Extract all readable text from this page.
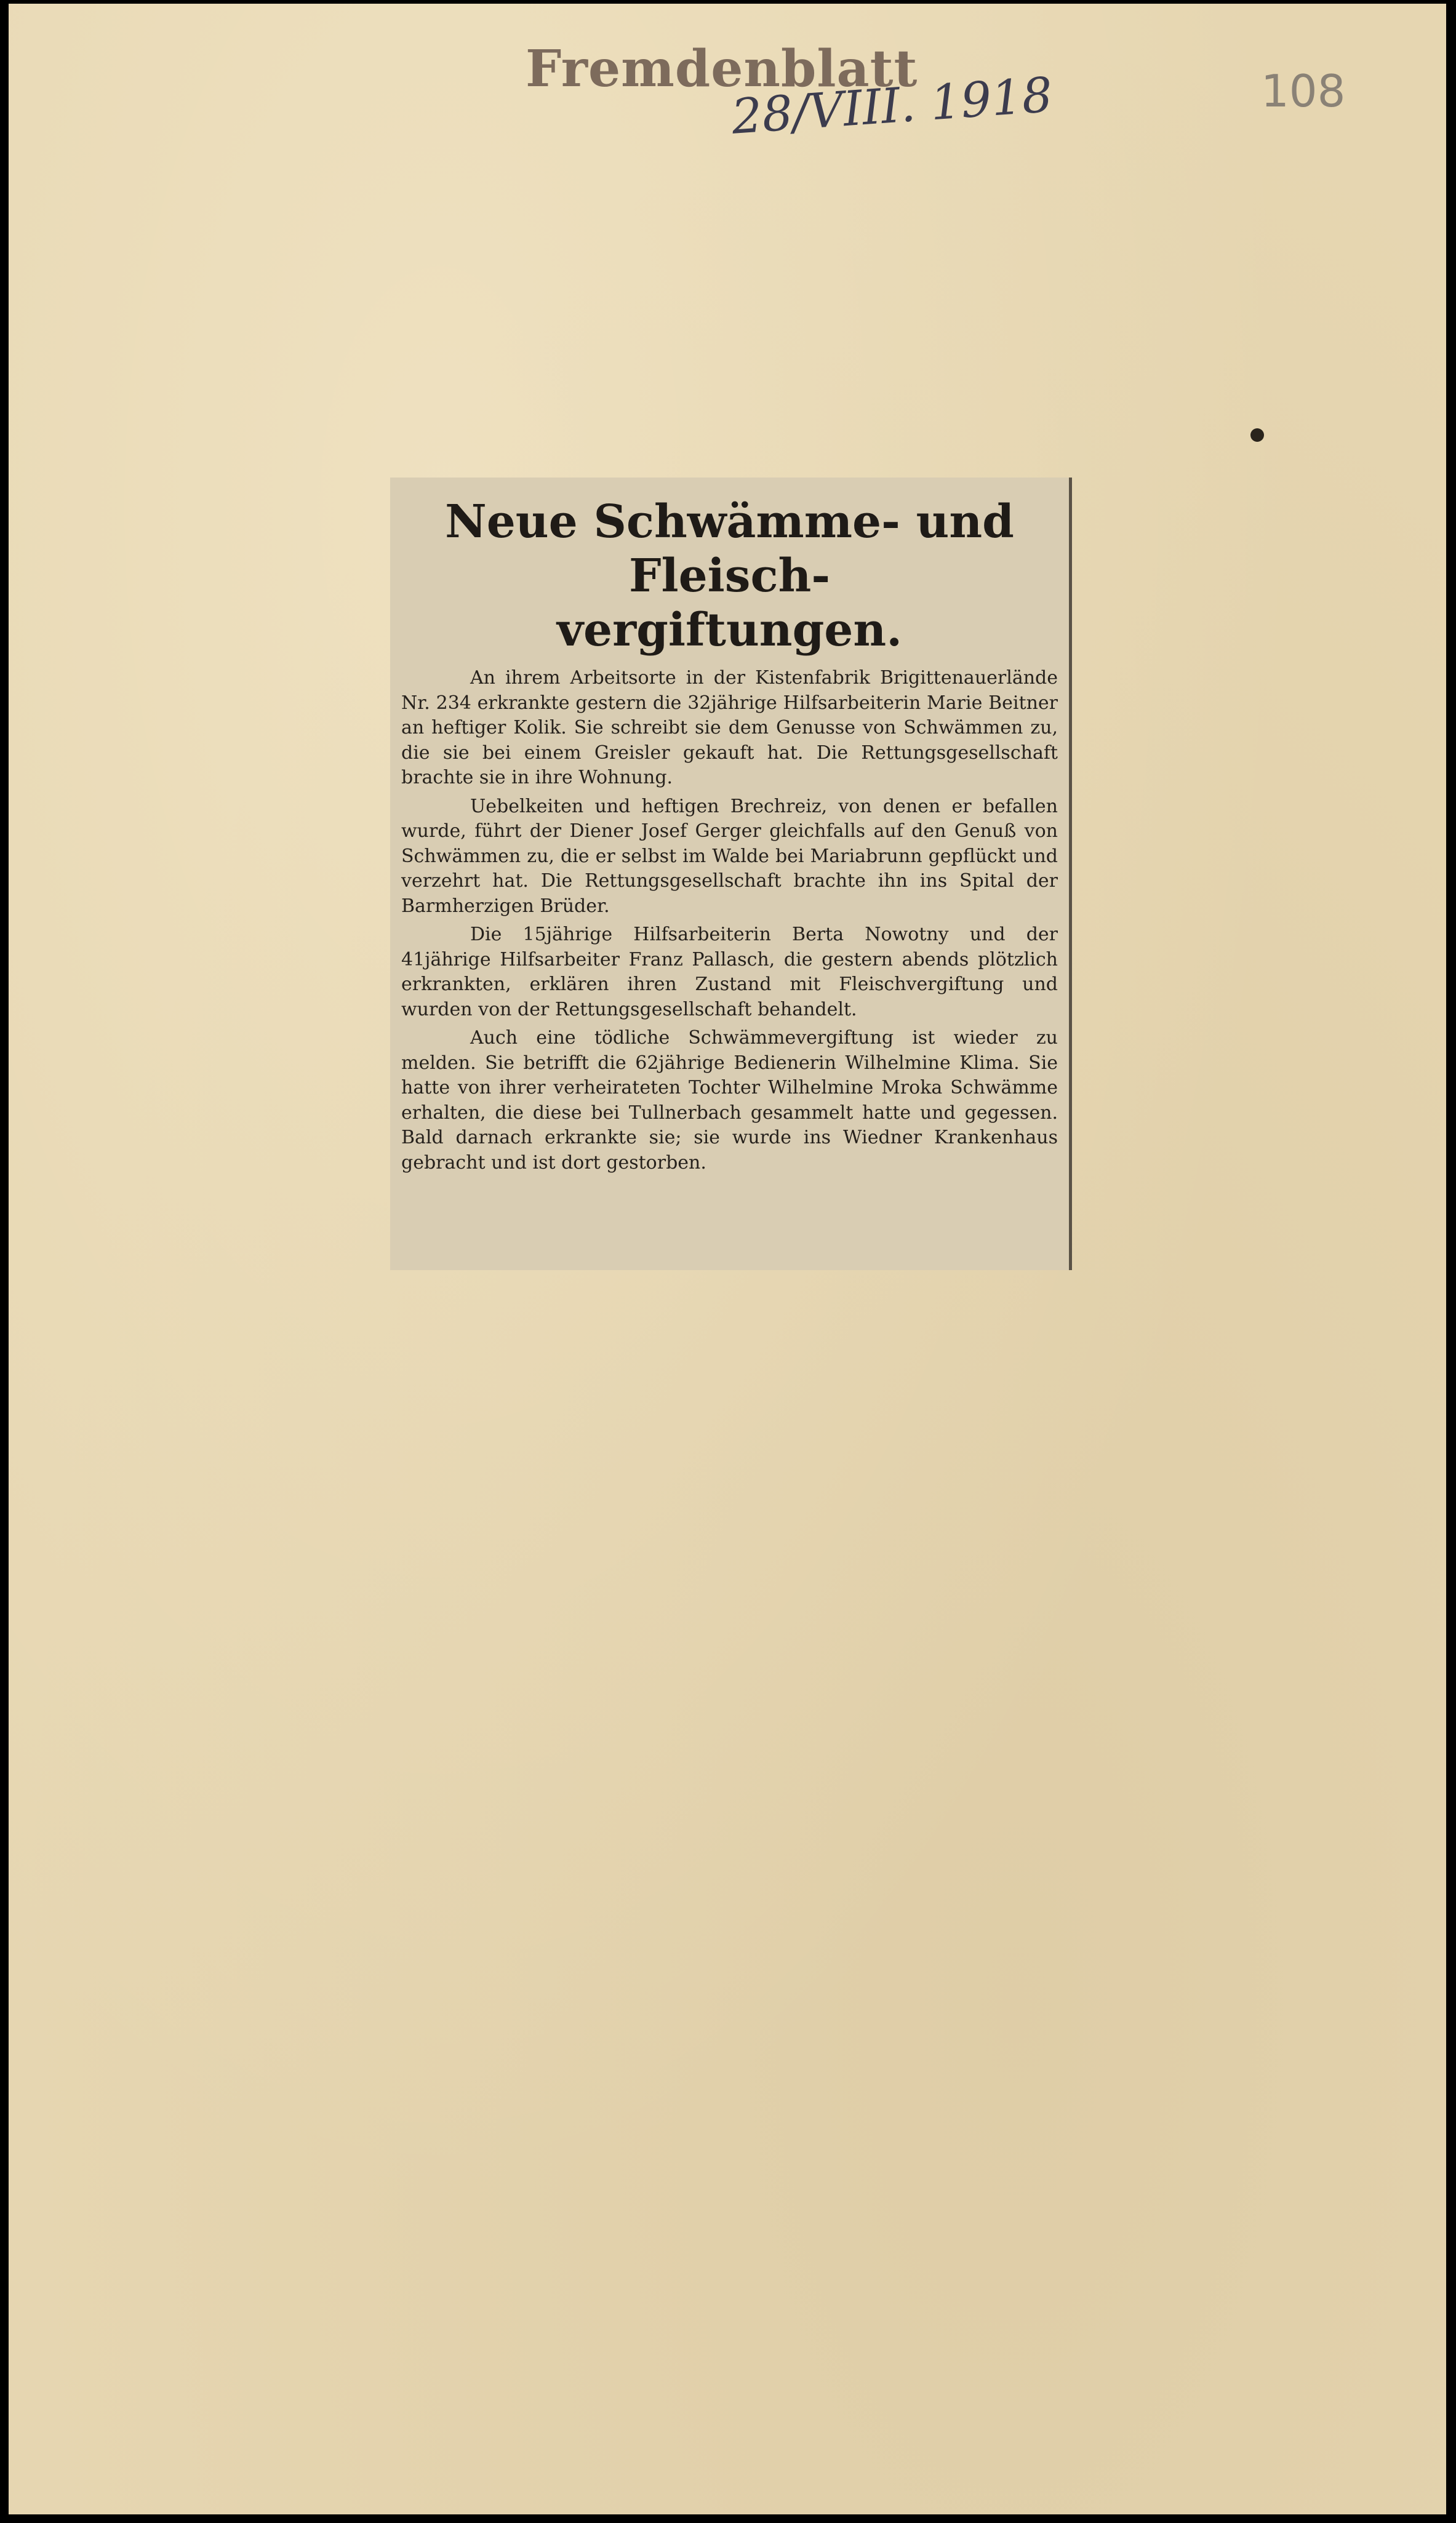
Fremdenblatt
28/VIII. 1918	108
Neue Schwämme- und Fleisch-
vergiftungen.

An ihrem Arbeitsorte in der Kistenfabrik Brigittenauerlände Nr. 234 erkrankte gestern die 32jährige Hilfsarbeiterin Marie Beitner an heftiger Kolik. Sie schreibt sie dem Genusse von Schwämmen zu, die sie bei einem Greisler gekauft hat. Die Rettungsgesellschaft brachte sie in ihre Wohnung.

Uebelkeiten und heftigen Brechreiz, von denen er befallen wurde, führt der Diener Josef Gerger gleichfalls auf den Genuß von Schwämmen zu, die er selbst im Walde bei Mariabrunn gepflückt und verzehrt hat. Die Rettungsgesellschaft brachte ihn ins Spital der Barmherzigen Brüder.

Die 15jährige Hilfsarbeiterin Berta Nowotny und der 41jährige Hilfsarbeiter Franz Pallasch, die gestern abends plötzlich erkrankten, erklären ihren Zustand mit Fleischvergiftung und wurden von der Rettungsgesellschaft behandelt.

Auch eine tödliche Schwämmevergiftung ist wieder zu melden. Sie betrifft die 62jährige Bedienerin Wilhelmine Klima. Sie hatte von ihrer verheirateten Tochter Wilhelmine Mroka Schwämme erhalten, die diese bei Tullnerbach gesammelt hatte und gegessen. Bald darnach erkrankte sie; sie wurde ins Wiedner Krankenhaus gebracht und ist dort gestorben.
